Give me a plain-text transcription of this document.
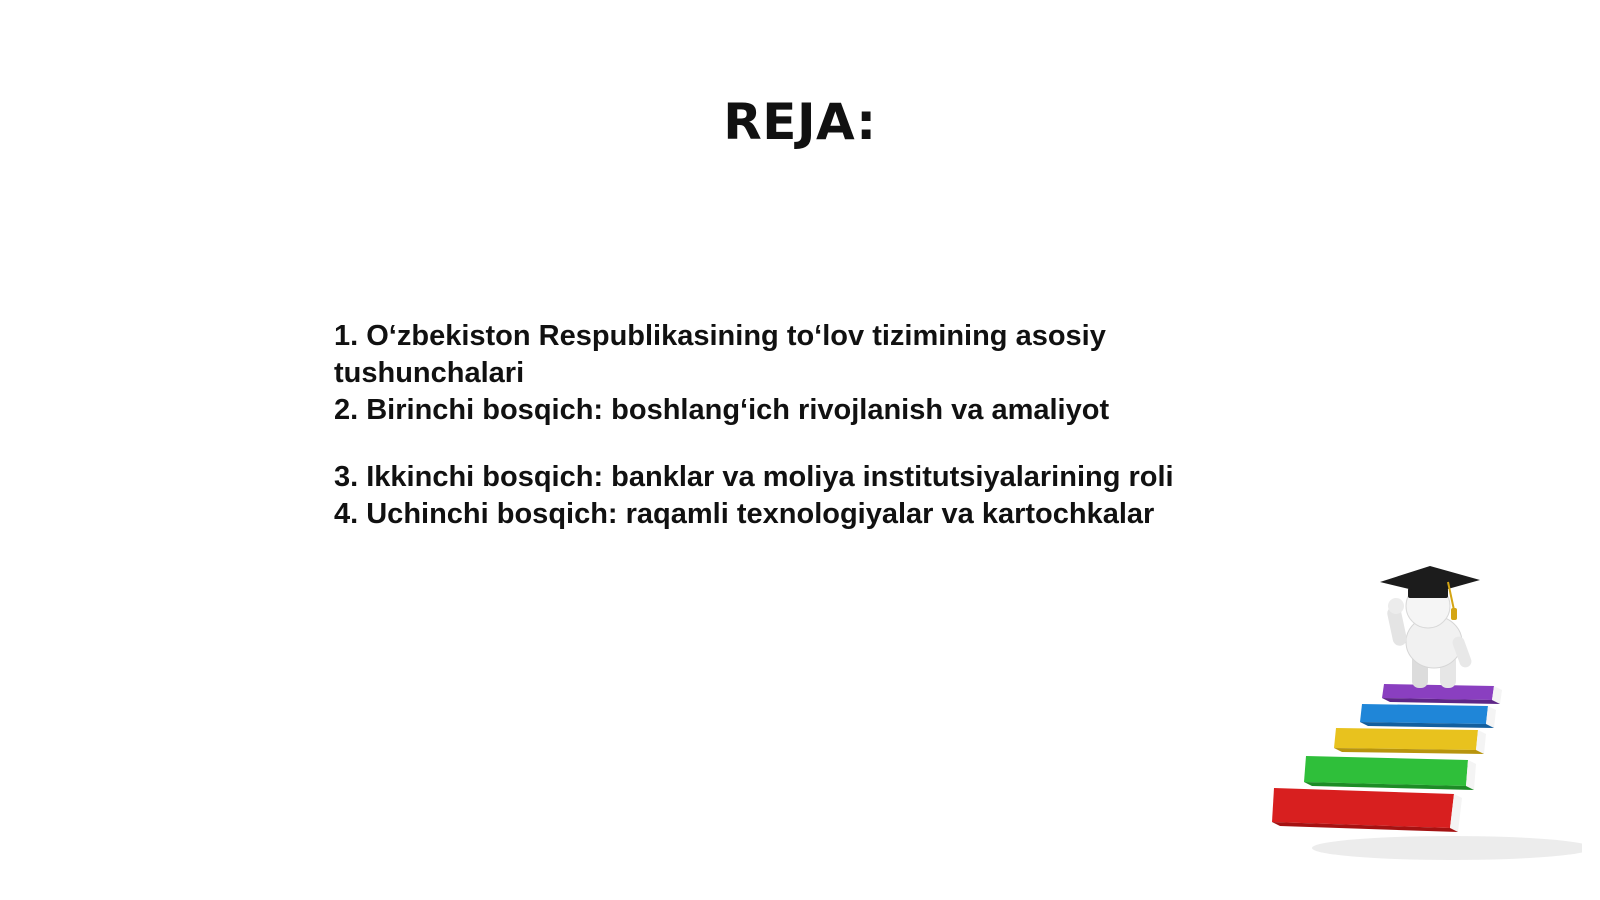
REJA:
1. O‘zbekiston Respublikasining to‘lov tizimining asosiy tushunchalari
2. Birinchi bosqich: boshlang‘ich rivojlanish va amaliyot
3. Ikkinchi bosqich: banklar va moliya institutsiyalarining roli
4. Uchinchi bosqich: raqamli texnologiyalar va kartochkalar
